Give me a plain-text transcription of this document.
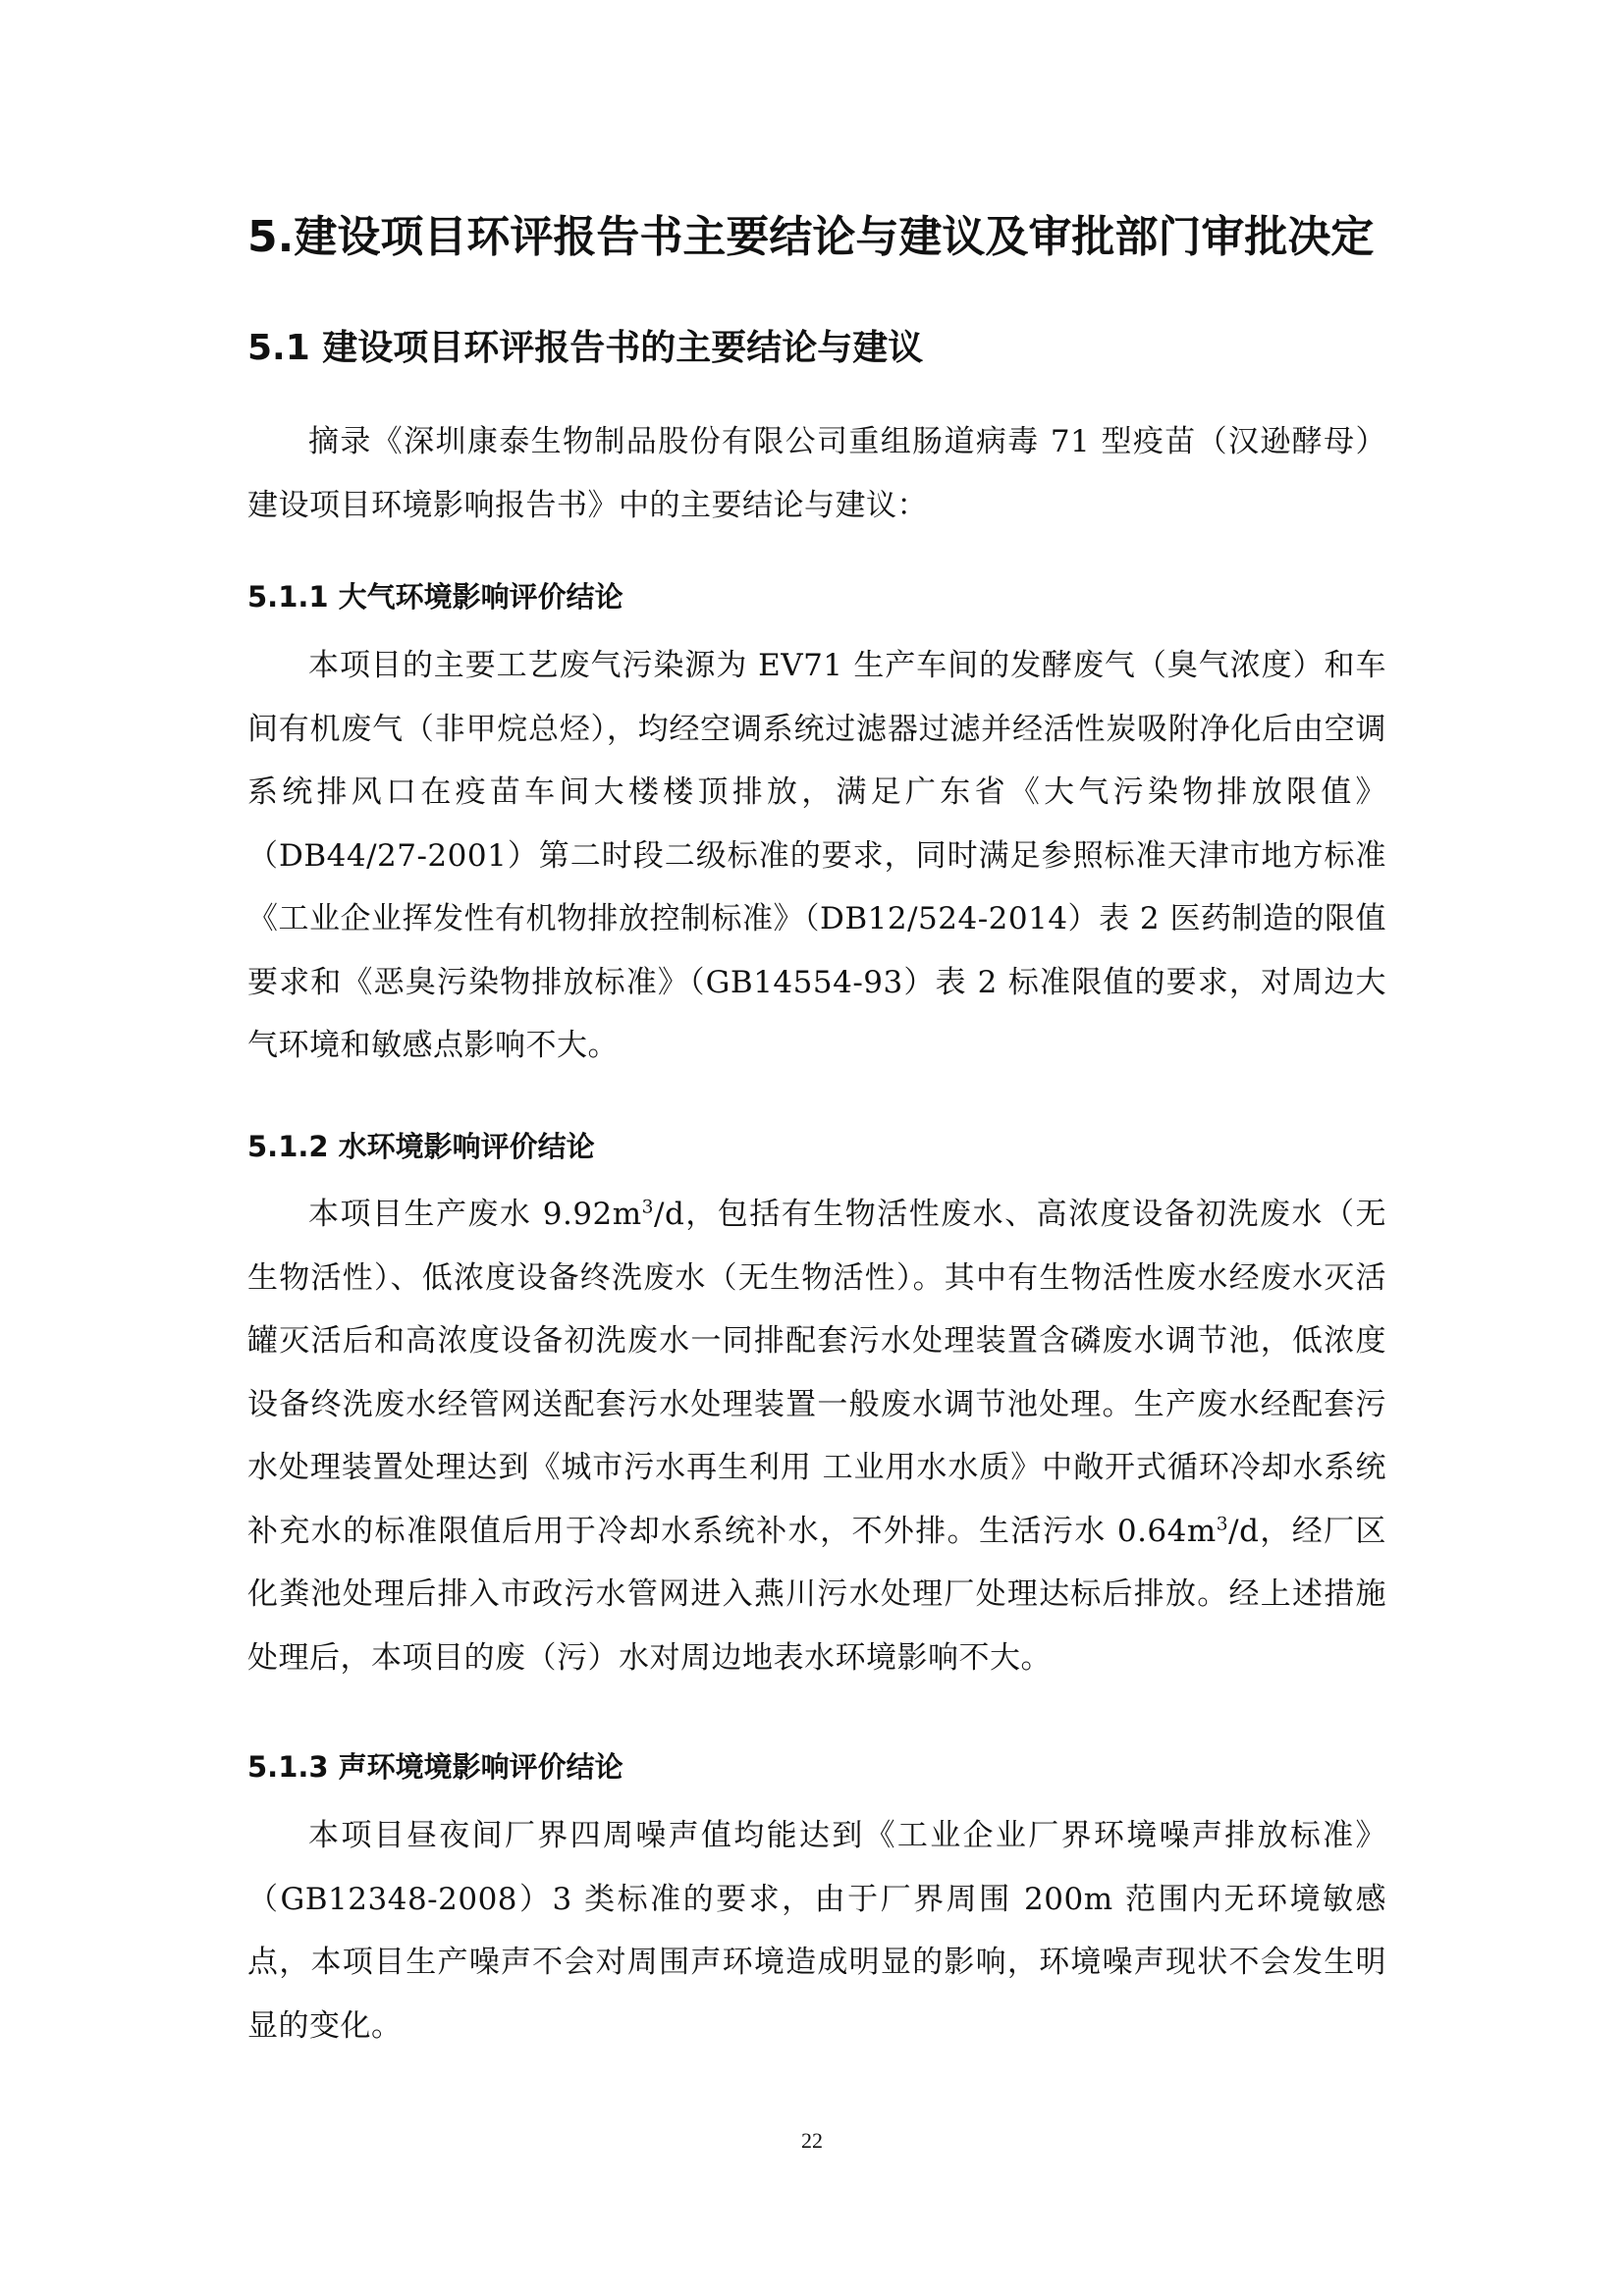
5.建设项目环评报告书主要结论与建议及审批部门审批决定
5.1 建设项目环评报告书的主要结论与建议

摘录《深圳康泰生物制品股份有限公司重组肠道病毒 71 型疫苗（汉逊酵母）建设项目环境影响报告书》中的主要结论与建议：

5.1.1 大气环境影响评价结论

本项目的主要工艺废气污染源为 EV71 生产车间的发酵废气（臭气浓度）和车间有机废气（非甲烷总烃），均经空调系统过滤器过滤并经活性炭吸附净化后由空调系统排风口在疫苗车间大楼楼顶排放，满足广东省《大气污染物排放限值》（DB44/27-2001）第二时段二级标准的要求，同时满足参照标准天津市地方标准《工业企业挥发性有机物排放控制标准》（DB12/524-2014）表 2 医药制造的限值要求和《恶臭污染物排放标准》（GB14554-93）表 2 标准限值的要求，对周边大气环境和敏感点影响不大。

5.1.2 水环境影响评价结论

本项目生产废水 $9.92m^3/d$，包括有生物活性废水、高浓度设备初洗废水（无生物活性）、低浓度设备终洗废水（无生物活性）。其中有生物活性废水经废水灭活罐灭活后和高浓度设备初洗废水一同排配套污水处理装置含磷废水调节池，低浓度设备终洗废水经管网送配套污水处理装置一般废水调节池处理。生产废水经配套污水处理装置处理达到《城市污水再生利用 工业用水水质》中敞开式循环冷却水系统补充水的标准限值后用于冷却水系统补水，不外排。生活污水 $0.64m^3/d$，经厂区化粪池处理后排入市政污水管网进入燕川污水处理厂处理达标后排放。经上述措施处理后，本项目的废（污）水对周边地表水环境影响不大。

5.1.3 声环境境影响评价结论

本项目昼夜间厂界四周噪声值均能达到《工业企业厂界环境噪声排放标准》（GB12348-2008）3 类标准的要求，由于厂界周围 200m 范围内无环境敏感点，本项目生产噪声不会对周围声环境造成明显的影响，环境噪声现状不会发生明显的变化。

22
